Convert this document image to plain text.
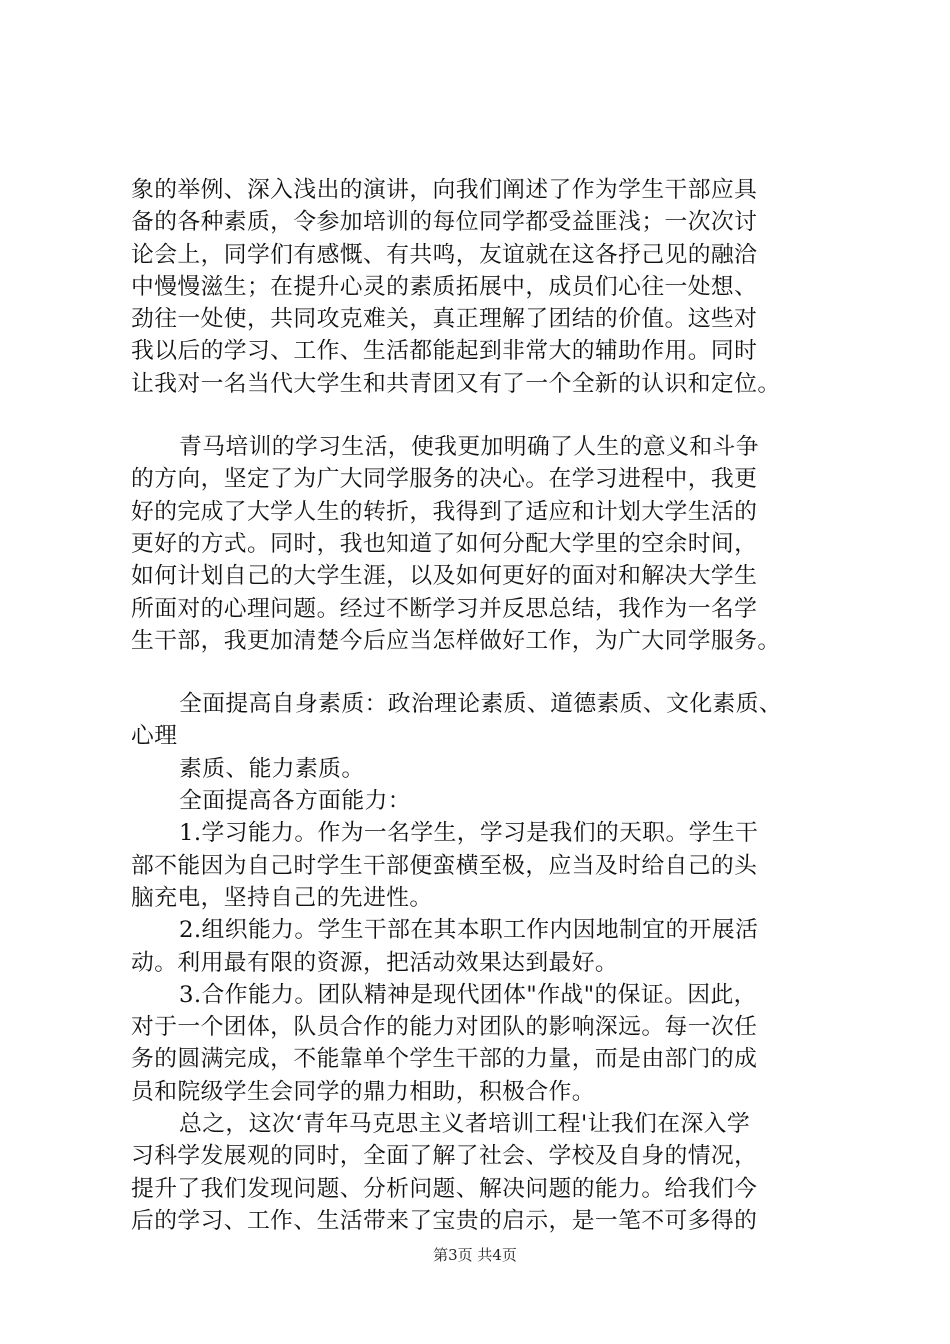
象的举例、深入浅出的演讲，向我们阐述了作为学生干部应具
备的各种素质，令参加培训的每位同学都受益匪浅；一次次讨
论会上，同学们有感慨、有共鸣，友谊就在这各抒己见的融洽
中慢慢滋生；在提升心灵的素质拓展中，成员们心往一处想、
劲往一处使，共同攻克难关，真正理解了团结的价值。这些对
我以后的学习、工作、生活都能起到非常大的辅助作用。同时
让我对一名当代大学生和共青团又有了一个全新的认识和定位。
青马培训的学习生活，使我更加明确了人生的意义和斗争
的方向，坚定了为广大同学服务的决心。在学习进程中，我更
好的完成了大学人生的转折，我得到了适应和计划大学生活的
更好的方式。同时，我也知道了如何分配大学里的空余时间，
如何计划自己的大学生涯，以及如何更好的面对和解决大学生
所面对的心理问题。经过不断学习并反思总结，我作为一名学
生干部，我更加清楚今后应当怎样做好工作，为广大同学服务。
全面提高自身素质：政治理论素质、道德素质、文化素质、
心理
素质、能力素质。
全面提高各方面能力：
1.学习能力。作为一名学生，学习是我们的天职。学生干
部不能因为自己时学生干部便蛮横至极，应当及时给自己的头
脑充电，坚持自己的先进性。
2.组织能力。学生干部在其本职工作内因地制宜的开展活
动。利用最有限的资源，把活动效果达到最好。
3.合作能力。团队精神是现代团体"作战"的保证。因此，
对于一个团体，队员合作的能力对团队的影响深远。每一次任
务的圆满完成，不能靠单个学生干部的力量，而是由部门的成
员和院级学生会同学的鼎力相助，积极合作。
总之，这次‘青年马克思主义者培训工程'让我们在深入学
习科学发展观的同时，全面了解了社会、学校及自身的情况，
提升了我们发现问题、分析问题、解决问题的能力。给我们今
后的学习、工作、生活带来了宝贵的启示，是一笔不可多得的
第3页 共4页
